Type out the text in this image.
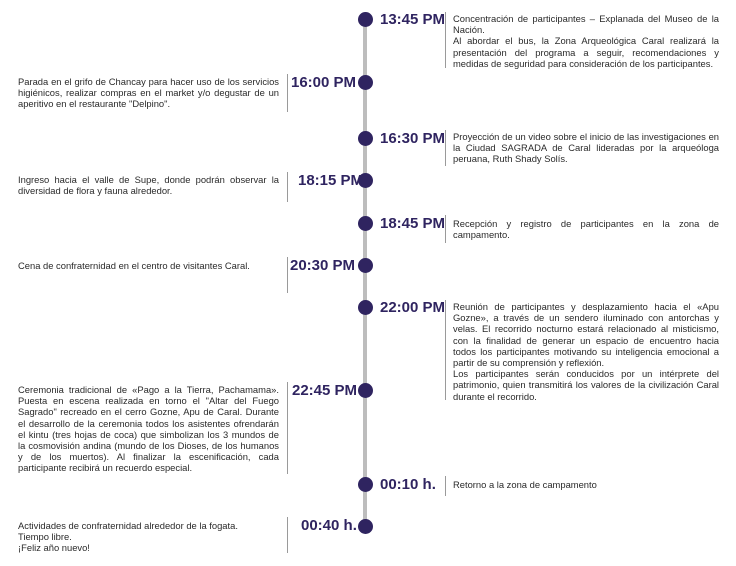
13:45 PM Concentración de participantes – Explanada del Museo de la Nación.

Al abordar el bus, la Zona Arqueológica Caral realizará la presentación del programa a seguir, recomendaciones y medidas de seguridad para consideración de los participantes.

16:00 PM

Parada en el grifo de Chancay para hacer uso de los servicios higiénicos, realizar compras en el market y/o degustar de un aperitivo en el restaurante "Delpino".

16:30 PM Proyección de un video sobre el inicio de las investigaciones en la Ciudad SAGRADA de Caral lideradas por la arqueóloga peruana, Ruth Shady Solís.

18:15 PM

Ingreso hacia el valle de Supe, donde podrán observar la diversidad de flora y fauna alrededor.

18:45 PM Recepción y registro de participantes en la zona de campamento.

20:30 PM

Cena de confraternidad en el centro de visitantes Caral.

22:00 PM Reunión de participantes y desplazamiento hacia el «Apu Gozne», a través de un sendero iluminado con antorchas y velas. El recorrido nocturno estará relacionado al misticismo, con la finalidad de generar un espacio de encuentro hacia todos los participantes motivando su inteligencia emocional a partir de su comprensión y reflexión.

Los participantes serán conducidos por un intérprete del patrimonio, quien transmitirá los valores de la civilización Caral durante el recorrido.

22:45 PM

Ceremonia tradicional de «Pago a la Tierra, Pachamama». Puesta en escena realizada en torno el "Altar del Fuego Sagrado" recreado en el cerro Gozne, Apu de Caral. Durante el desarrollo de la ceremonia todos los asistentes ofrendarán el kintu (tres hojas de coca) que simbolizan los 3 mundos de la cosmovisión andina (mundo de los Dioses, de los humanos y de los muertos). Al finalizar la escenificación, cada participante recibirá un recuerdo especial.

00:10 h. Retorno a la zona de campamento

00:40 h.

Actividades de confraternidad alrededor de la fogata.

Tiempo libre.

¡Feliz año nuevo!
